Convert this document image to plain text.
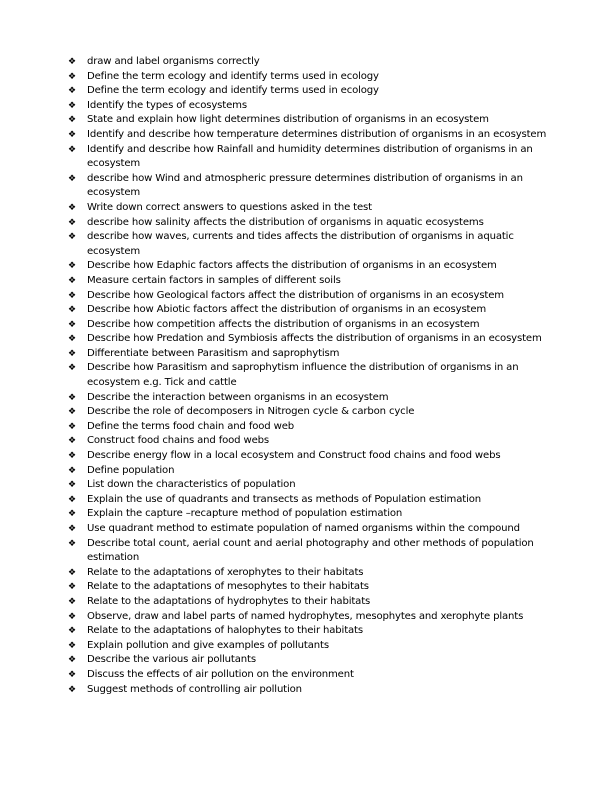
❖	draw and label organisms correctly
❖	Define the term ecology and identify terms used in ecology
❖	Define the term ecology and identify terms used in ecology
❖	Identify the types of ecosystems
❖	State and explain how light determines distribution of organisms in an ecosystem
❖	Identify and describe how temperature determines distribution of organisms in an ecosystem
❖	Identify and describe how Rainfall and humidity determines distribution of organisms in an ecosystem
❖	describe how Wind and atmospheric pressure determines distribution of organisms in an ecosystem
❖	Write down correct answers to questions asked in the test
❖	describe how salinity affects the distribution of organisms in aquatic ecosystems
❖	describe how waves, currents and tides affects the distribution of organisms in aquatic ecosystem
❖	Describe how Edaphic factors affects the distribution of organisms in an ecosystem
❖	Measure certain factors in samples of different soils
❖	Describe how Geological factors affect the distribution of organisms in an ecosystem
❖	Describe how Abiotic factors affect the distribution of organisms in an ecosystem
❖	Describe how competition affects the distribution of organisms in an ecosystem
❖	Describe how Predation and Symbiosis affects the distribution of organisms in an ecosystem
❖	Differentiate between Parasitism and saprophytism
❖	Describe how Parasitism and saprophytism influence the distribution of organisms in an ecosystem e.g. Tick and cattle
❖	Describe the interaction between organisms in an ecosystem
❖	Describe the role of decomposers in Nitrogen cycle & carbon cycle
❖	Define the terms food chain and food web
❖	Construct food chains and food webs
❖	Describe energy flow in a local ecosystem and Construct food chains and food webs
❖	Define population
❖	List down the characteristics of population
❖	Explain the use of quadrants and transects as methods of Population estimation
❖	Explain the capture –recapture method of population estimation
❖	Use quadrant method to estimate population of named organisms within the compound
❖	Describe total count, aerial count and aerial photography and other methods of population estimation
❖	Relate to the adaptations of xerophytes to their habitats
❖	Relate to the adaptations of mesophytes to their habitats
❖	Relate to the adaptations of hydrophytes to their habitats
❖	Observe, draw and label parts of named hydrophytes, mesophytes and xerophyte plants
❖	Relate to the adaptations of halophytes to their habitats
❖	Explain pollution and give examples of pollutants
❖	Describe the various air pollutants
❖	Discuss the effects of air pollution on the environment
❖	Suggest methods of controlling air pollution
